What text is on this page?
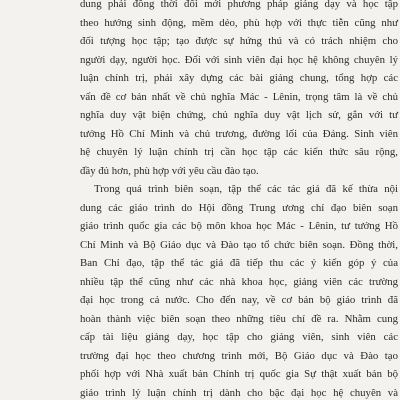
dung phải đồng thời đổi mới phương pháp giảng dạy và học tập
theo hướng sinh động, mềm dẻo, phù hợp với thực tiễn cũng như
đối tượng học tập; tạo được sự hứng thú và có trách nhiệm cho
người dạy, người học. Đối với sinh viên đại học hệ không chuyên lý
luận chính trị, phải xây dựng các bài giảng chung, tổng hợp các
vấn đề cơ bản nhất về chủ nghĩa Mác - Lênin, trọng tâm là về chủ
nghĩa duy vật biện chứng, chủ nghĩa duy vật lịch sử, gắn với tư
tưởng Hồ Chí Minh và chủ trương, đường lối của Đảng. Sinh viên
hệ chuyên lý luận chính trị cần học tập các kiến thức sâu rộng,
đầy đủ hơn, phù hợp với yêu cầu đào tạo.
Trong quá trình biên soạn, tập thể các tác giả đã kế thừa nội
dung các giáo trình do Hội đồng Trung ương chỉ đạo biên soạn
giáo trình quốc gia các bộ môn khoa học Mác - Lênin, tư tưởng Hồ
Chí Minh và Bộ Giáo dục và Đào tạo tổ chức biên soạn. Đồng thời,
Ban Chỉ đạo, tập thể tác giả đã tiếp thu các ý kiến góp ý của
nhiều tập thể cũng như các nhà khoa học, giảng viên các trường
đại học trong cả nước. Cho đến nay, về cơ bản bộ giáo trình đã
hoàn thành việc biên soạn theo những tiêu chí đề ra. Nhằm cung
cấp tài liệu giảng dạy, học tập cho giảng viên, sinh viên các
trường đại học theo chương trình mới, Bộ Giáo dục và Đào tạo
phối hợp với Nhà xuất bản Chính trị quốc gia Sự thật xuất bản bộ
giáo trình lý luận chính trị dành cho bậc đại học hệ chuyên và
